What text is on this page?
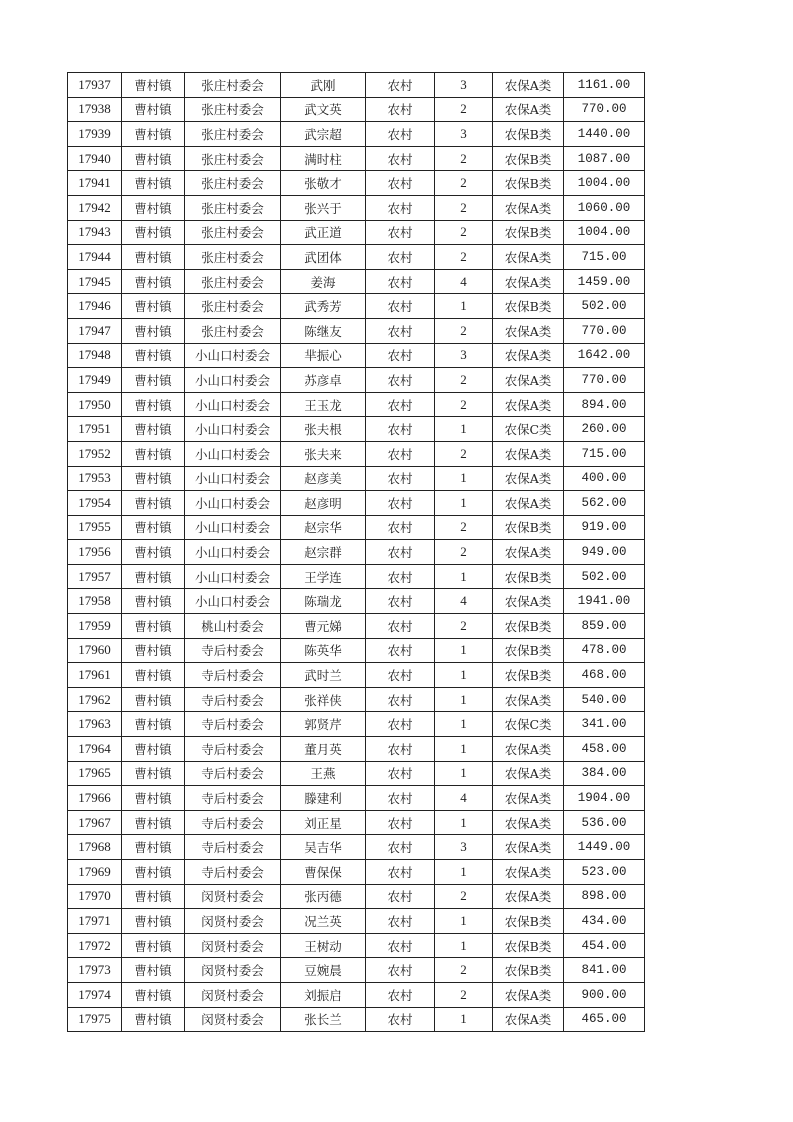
17937	曹村镇	张庄村委会	武刚	农村	3	农保A类	1161.00
17938	曹村镇	张庄村委会	武文英	农村	2	农保A类	770.00
17939	曹村镇	张庄村委会	武宗超	农村	3	农保B类	1440.00
17940	曹村镇	张庄村委会	满时柱	农村	2	农保B类	1087.00
17941	曹村镇	张庄村委会	张敬才	农村	2	农保B类	1004.00
17942	曹村镇	张庄村委会	张兴于	农村	2	农保A类	1060.00
17943	曹村镇	张庄村委会	武正道	农村	2	农保B类	1004.00
17944	曹村镇	张庄村委会	武团体	农村	2	农保A类	715.00
17945	曹村镇	张庄村委会	姜海	农村	4	农保A类	1459.00
17946	曹村镇	张庄村委会	武秀芳	农村	1	农保B类	502.00
17947	曹村镇	张庄村委会	陈继友	农村	2	农保A类	770.00
17948	曹村镇	小山口村委会	芈振心	农村	3	农保A类	1642.00
17949	曹村镇	小山口村委会	苏彦卓	农村	2	农保A类	770.00
17950	曹村镇	小山口村委会	王玉龙	农村	2	农保A类	894.00
17951	曹村镇	小山口村委会	张夫根	农村	1	农保C类	260.00
17952	曹村镇	小山口村委会	张夫来	农村	2	农保A类	715.00
17953	曹村镇	小山口村委会	赵彦美	农村	1	农保A类	400.00
17954	曹村镇	小山口村委会	赵彦明	农村	1	农保A类	562.00
17955	曹村镇	小山口村委会	赵宗华	农村	2	农保B类	919.00
17956	曹村镇	小山口村委会	赵宗群	农村	2	农保A类	949.00
17957	曹村镇	小山口村委会	王学连	农村	1	农保B类	502.00
17958	曹村镇	小山口村委会	陈瑞龙	农村	4	农保A类	1941.00
17959	曹村镇	桃山村委会	曹元娣	农村	2	农保B类	859.00
17960	曹村镇	寺后村委会	陈英华	农村	1	农保B类	478.00
17961	曹村镇	寺后村委会	武时兰	农村	1	农保B类	468.00
17962	曹村镇	寺后村委会	张祥侠	农村	1	农保A类	540.00
17963	曹村镇	寺后村委会	郭贤芹	农村	1	农保C类	341.00
17964	曹村镇	寺后村委会	董月英	农村	1	农保A类	458.00
17965	曹村镇	寺后村委会	王燕	农村	1	农保A类	384.00
17966	曹村镇	寺后村委会	滕建利	农村	4	农保A类	1904.00
17967	曹村镇	寺后村委会	刘正星	农村	1	农保A类	536.00
17968	曹村镇	寺后村委会	吴吉华	农村	3	农保A类	1449.00
17969	曹村镇	寺后村委会	曹保保	农村	1	农保A类	523.00
17970	曹村镇	闵贤村委会	张丙德	农村	2	农保A类	898.00
17971	曹村镇	闵贤村委会	况兰英	农村	1	农保B类	434.00
17972	曹村镇	闵贤村委会	王树动	农村	1	农保B类	454.00
17973	曹村镇	闵贤村委会	豆婉晨	农村	2	农保B类	841.00
17974	曹村镇	闵贤村委会	刘振启	农村	2	农保A类	900.00
17975	曹村镇	闵贤村委会	张长兰	农村	1	农保A类	465.00
